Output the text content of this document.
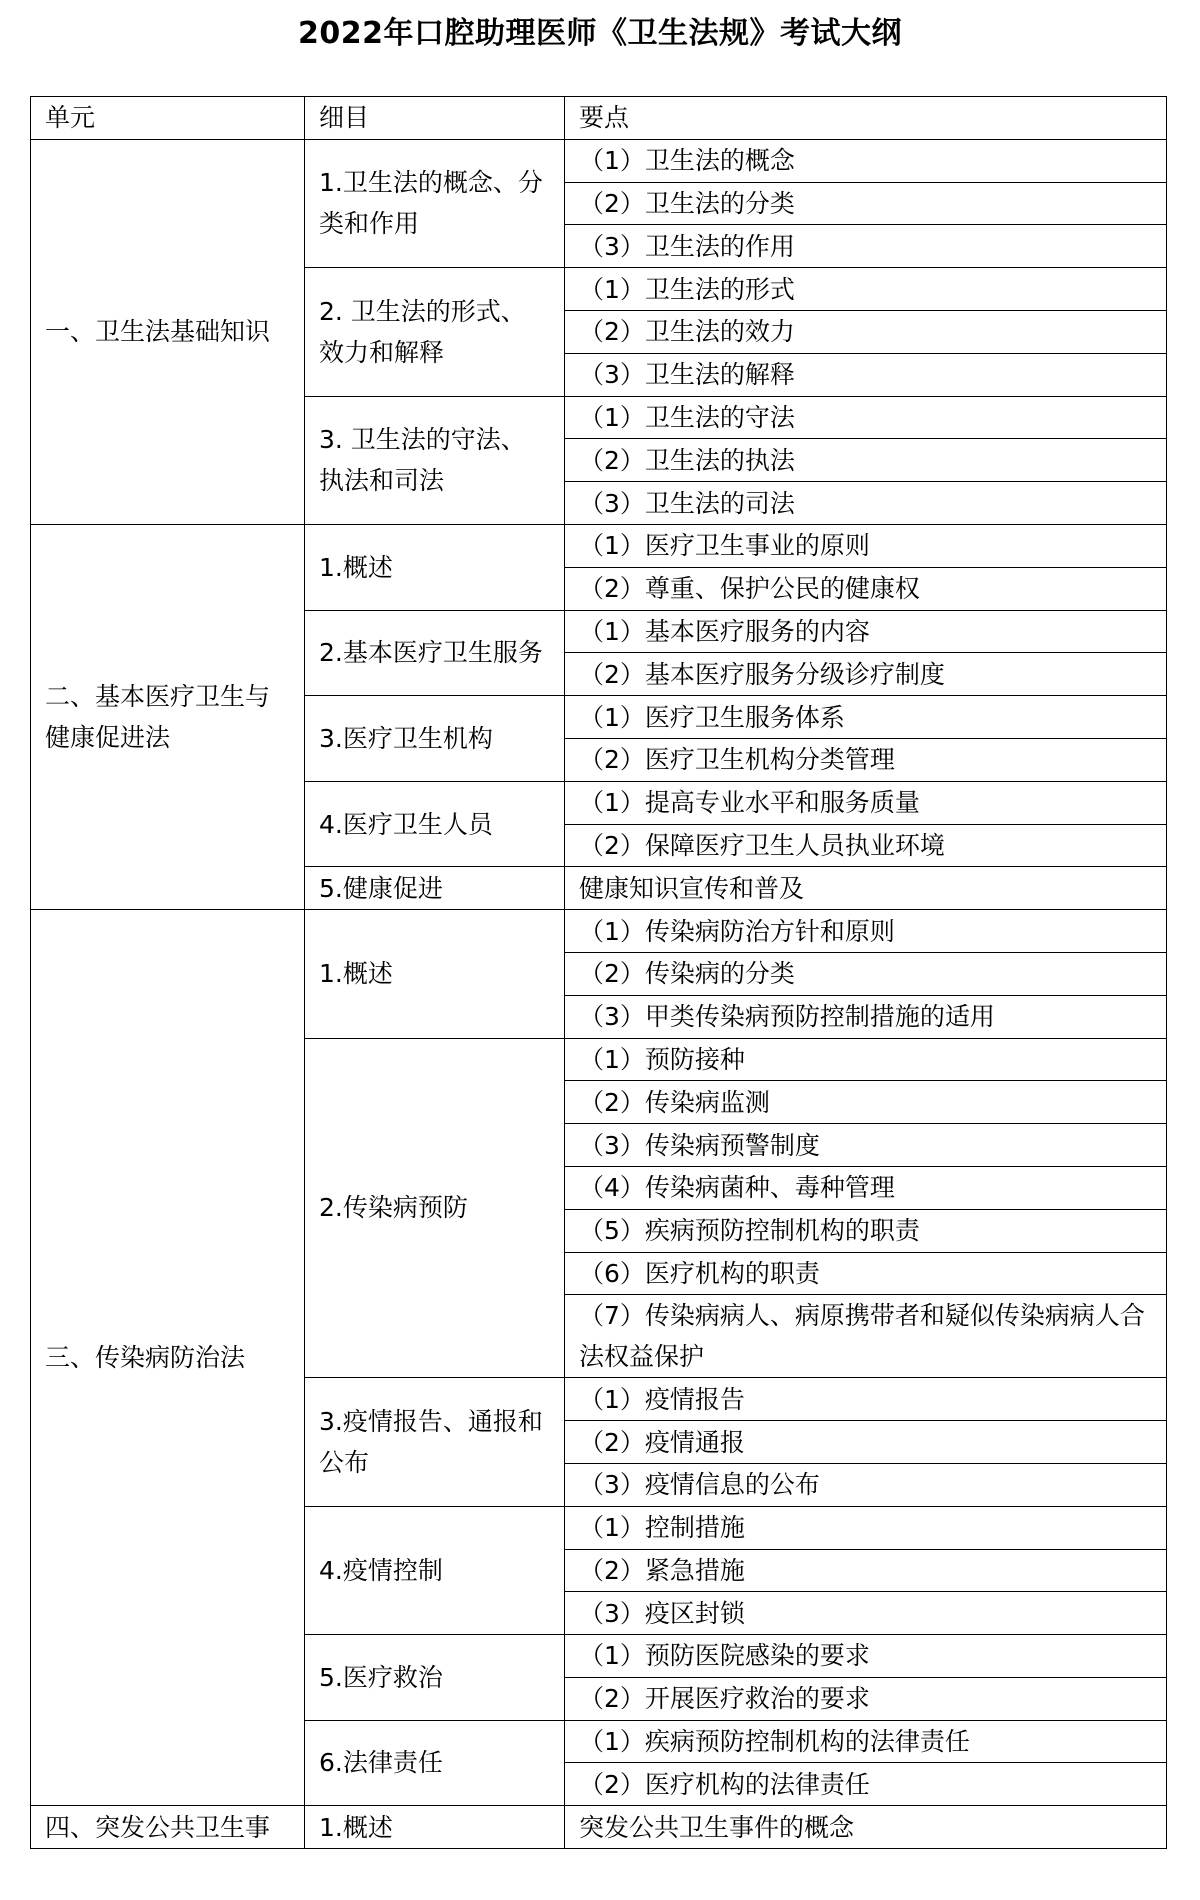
2022年口腔助理医师《卫生法规》考试大纲
单元	细目	要点
一、卫生法基础知识	1.卫生法的概念、分类和作用	（1）卫生法的概念
		（2）卫生法的分类
		（3）卫生法的作用
	2. 卫生法的形式、效力和解释	（1）卫生法的形式
		（2）卫生法的效力
		（3）卫生法的解释
	3. 卫生法的守法、执法和司法	（1）卫生法的守法
		（2）卫生法的执法
		（3）卫生法的司法
二、基本医疗卫生与健康促进法	1.概述	（1）医疗卫生事业的原则
		（2）尊重、保护公民的健康权
	2.基本医疗卫生服务	（1）基本医疗服务的内容
		（2）基本医疗服务分级诊疗制度
	3.医疗卫生机构	（1）医疗卫生服务体系
		（2）医疗卫生机构分类管理
	4.医疗卫生人员	（1）提高专业水平和服务质量
		（2）保障医疗卫生人员执业环境
	5.健康促进	健康知识宣传和普及
三、传染病防治法	1.概述	（1）传染病防治方针和原则
		（2）传染病的分类
		（3）甲类传染病预防控制措施的适用
	2.传染病预防	（1）预防接种
		（2）传染病监测
		（3）传染病预警制度
		（4）传染病菌种、毒种管理
		（5）疾病预防控制机构的职责
		（6）医疗机构的职责
		（7）传染病病人、病原携带者和疑似传染病病人合法权益保护
	3.疫情报告、通报和公布	（1）疫情报告
		（2）疫情通报
		（3）疫情信息的公布
	4.疫情控制	（1）控制措施
		（2）紧急措施
		（3）疫区封锁
	5.医疗救治	（1）预防医院感染的要求
		（2）开展医疗救治的要求
	6.法律责任	（1）疾病预防控制机构的法律责任
		（2）医疗机构的法律责任
四、突发公共卫生事	1.概述	突发公共卫生事件的概念
